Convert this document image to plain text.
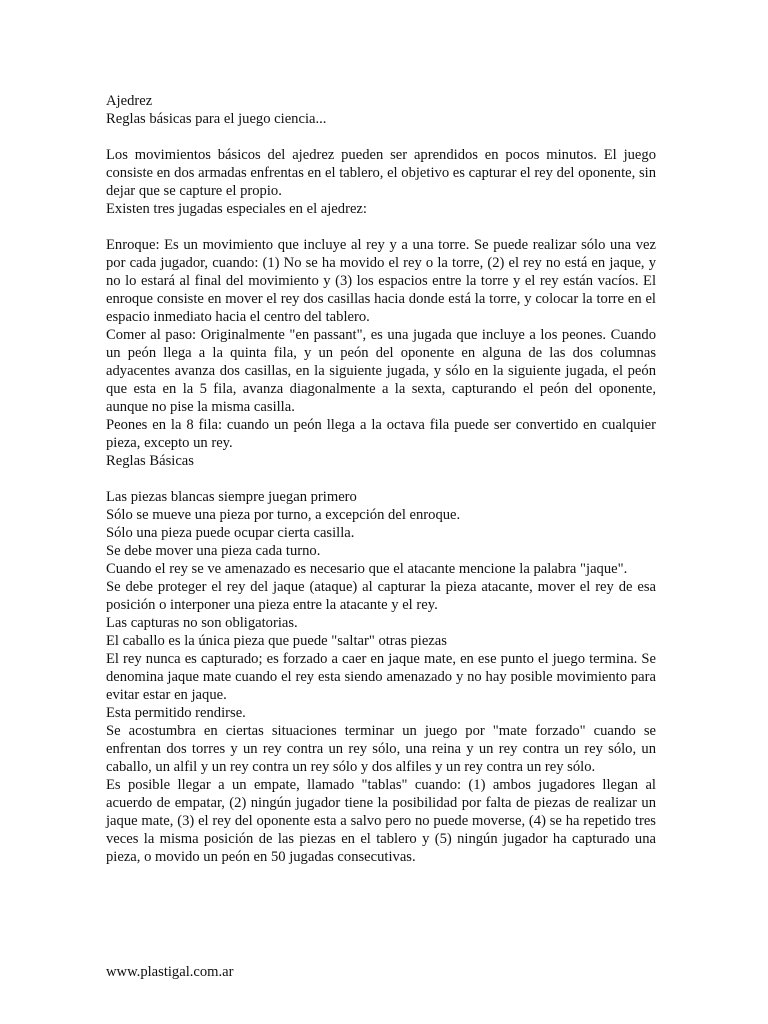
Ajedrez
Reglas básicas para el juego ciencia...
Los movimientos básicos del ajedrez pueden ser aprendidos en pocos minutos. El juego consiste en dos armadas enfrentas en el tablero, el objetivo es capturar el rey del oponente, sin dejar que se capture el propio.
Existen tres jugadas especiales en el ajedrez:
Enroque: Es un movimiento que incluye al rey y a una torre. Se puede realizar sólo una vez por cada jugador, cuando: (1) No se ha movido el rey o la torre, (2) el rey no está en jaque, y no lo estará al final del movimiento y (3) los espacios entre la torre y el rey están vacíos. El enroque consiste en mover el rey dos casillas hacia donde está la torre, y colocar la torre en el espacio inmediato hacia el centro del tablero.
Comer al paso: Originalmente "en passant", es una jugada que incluye a los peones. Cuando un peón llega a la quinta fila, y un peón del oponente en alguna de las dos columnas adyacentes avanza dos casillas, en la siguiente jugada, y sólo en la siguiente jugada, el peón que esta en la 5 fila, avanza diagonalmente a la sexta, capturando el peón del oponente, aunque no pise la misma casilla.
Peones en la 8 fila: cuando un peón llega a la octava fila puede ser convertido en cualquier pieza, excepto un rey.
Reglas Básicas
Las piezas blancas siempre juegan primero
Sólo se mueve una pieza por turno, a excepción del enroque.
Sólo una pieza puede ocupar cierta casilla.
Se debe mover una pieza cada turno.
Cuando el rey se ve amenazado es necesario que el atacante mencione la palabra "jaque".
Se debe proteger el rey del jaque (ataque) al capturar la pieza atacante, mover el rey de esa posición o interponer una pieza entre la atacante y el rey.
Las capturas no son obligatorias.
El caballo es la única pieza que puede "saltar" otras piezas
El rey nunca es capturado; es forzado a caer en jaque mate, en ese punto el juego termina. Se denomina jaque mate cuando el rey esta siendo amenazado y no hay posible movimiento para evitar estar en jaque.
Esta permitido rendirse.
Se acostumbra en ciertas situaciones terminar un juego por "mate forzado" cuando se enfrentan dos torres y un rey contra un rey sólo, una reina y un rey contra un rey sólo, un caballo, un alfil y un rey contra un rey sólo y dos alfiles y un rey contra un rey sólo.
Es posible llegar a un empate, llamado "tablas" cuando: (1) ambos jugadores llegan al acuerdo de empatar, (2) ningún jugador tiene la posibilidad por falta de piezas de realizar un jaque mate, (3) el rey del oponente esta a salvo pero no puede moverse, (4) se ha repetido tres veces la misma posición de las piezas en el tablero y (5) ningún jugador ha capturado una pieza, o movido un peón en 50 jugadas consecutivas.
www.plastigal.com.ar
